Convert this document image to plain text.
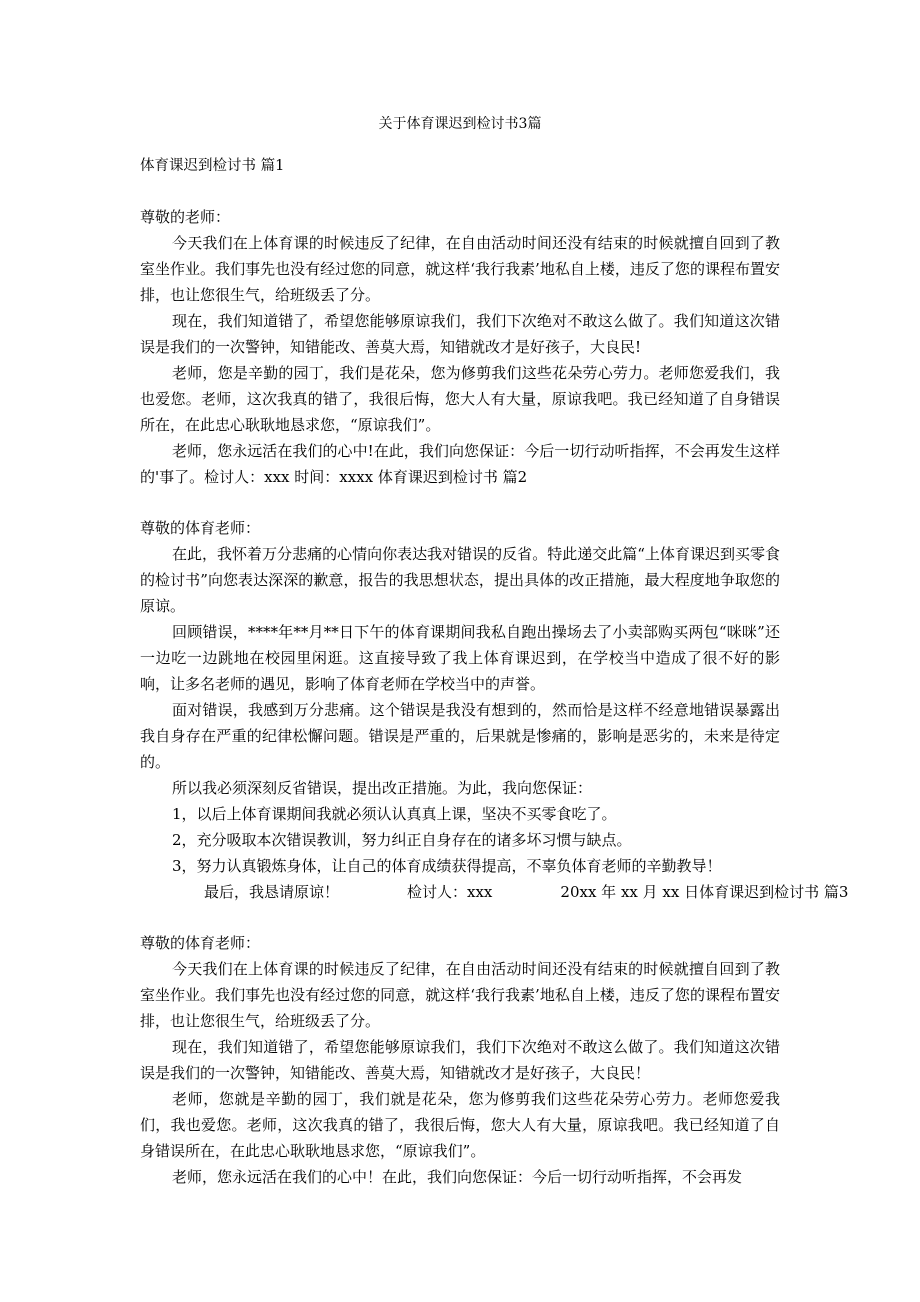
关于体育课迟到检讨书3篇

体育课迟到检讨书 篇1

尊敬的老师：

今天我们在上体育课的时候违反了纪律，在自由活动时间还没有结束的时候就擅自回到了教室坐作业。我们事先也没有经过您的同意，就这样‘我行我素’地私自上楼，违反了您的课程布置安排，也让您很生气，给班级丢了分。

现在，我们知道错了，希望您能够原谅我们，我们下次绝对不敢这么做了。我们知道这次错误是我们的一次警钟，知错能改、善莫大焉，知错就改才是好孩子，大良民!

老师，您是辛勤的园丁，我们是花朵，您为修剪我们这些花朵劳心劳力。老师您爱我们，我也爱您。老师，这次我真的错了，我很后悔，您大人有大量，原谅我吧。我已经知道了自身错误所在，在此忠心耿耿地恳求您，“原谅我们”。

老师，您永远活在我们的心中!在此，我们向您保证：今后一切行动听指挥，不会再发生这样的'事了。检讨人：xxx 时间：xxxx 体育课迟到检讨书 篇2

尊敬的体育老师：

在此，我怀着万分悲痛的心情向你表达我对错误的反省。特此递交此篇“上体育课迟到买零食的检讨书”向您表达深深的歉意，报告的我思想状态，提出具体的改正措施，最大程度地争取您的原谅。

回顾错误，****年**月**日下午的体育课期间我私自跑出操场去了小卖部购买两包“咪咪”还一边吃一边跳地在校园里闲逛。这直接导致了我上体育课迟到，在学校当中造成了很不好的影响，让多名老师的遇见，影响了体育老师在学校当中的声誉。

面对错误，我感到万分悲痛。这个错误是我没有想到的，然而恰是这样不经意地错误暴露出我自身存在严重的纪律松懈问题。错误是严重的，后果就是惨痛的，影响是恶劣的，未来是待定的。

所以我必须深刻反省错误，提出改正措施。为此，我向您保证：

1，以后上体育课期间我就必须认认真真上课，坚决不买零食吃了。

2，充分吸取本次错误教训，努力纠正自身存在的诸多坏习惯与缺点。

3，努力认真锻炼身体，让自己的体育成绩获得提高，不辜负体育老师的辛勤教导！

最后，我恳请原谅！	检讨人：xxx	20xx 年 xx 月 xx 日体育课迟到检讨书 篇3

尊敬的体育老师：

今天我们在上体育课的时候违反了纪律，在自由活动时间还没有结束的时候就擅自回到了教室坐作业。我们事先也没有经过您的同意，就这样‘我行我素’地私自上楼，违反了您的课程布置安排，也让您很生气，给班级丢了分。

现在，我们知道错了，希望您能够原谅我们，我们下次绝对不敢这么做了。我们知道这次错误是我们的一次警钟，知错能改、善莫大焉，知错就改才是好孩子，大良民！

老师，您就是辛勤的园丁，我们就是花朵，您为修剪我们这些花朵劳心劳力。老师您爱我们，我也爱您。老师，这次我真的错了，我很后悔，您大人有大量，原谅我吧。我已经知道了自身错误所在，在此忠心耿耿地恳求您，“原谅我们”。

老师，您永远活在我们的心中！在此，我们向您保证：今后一切行动听指挥，不会再发
